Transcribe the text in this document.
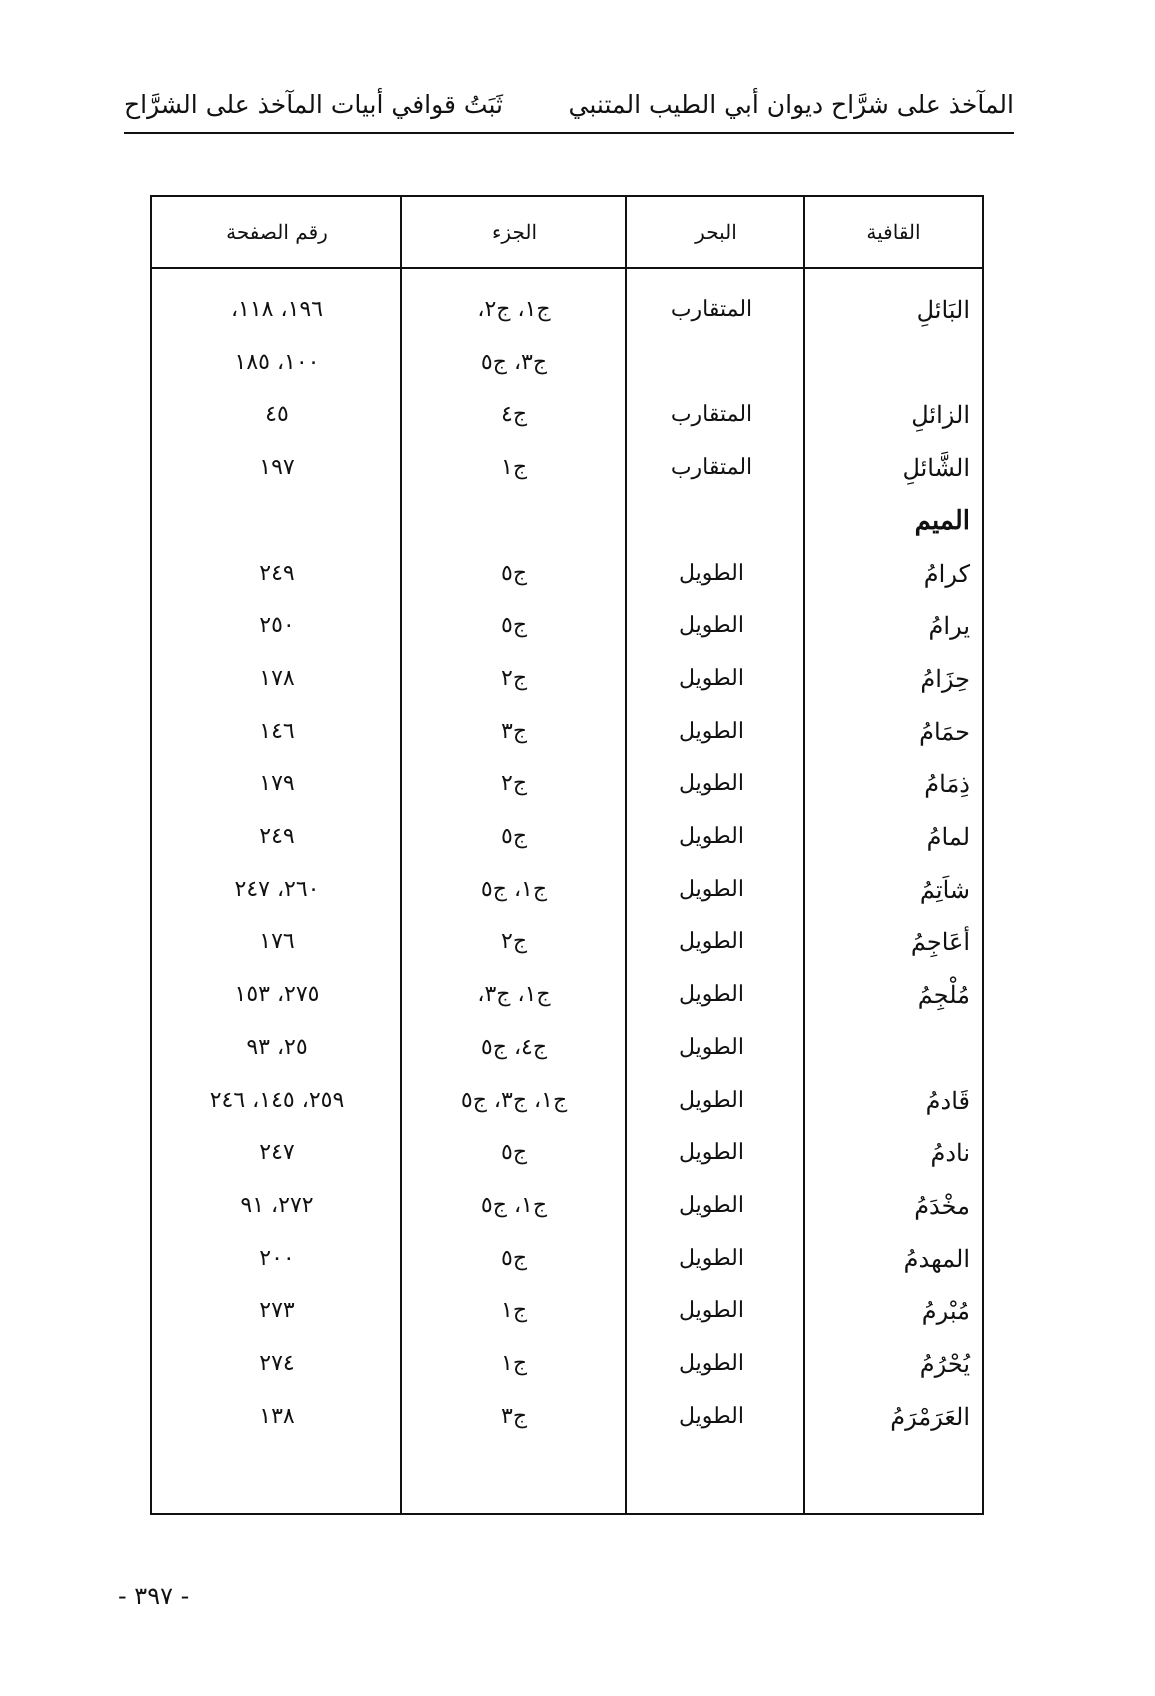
المآخذ على شرَّاح ديوان أبي الطيب المتنبي
ثَبَتُ قوافي أبيات المآخذ على الشرَّاح
القافية
البحر
الجزء
رقم الصفحة
البَائلِ
المتقارب
ج١، ج٢،
١٩٦، ١١٨،
ج٣، ج٥
١٠٠، ١٨٥
الزائلِ
المتقارب
ج٤
٤٥
الشَّائلِ
المتقارب
ج١
١٩٧
الميم
كرامُ
الطويل
ج٥
٢٤٩
يرامُ
الطويل
ج٥
٢٥٠
حِزَامُ
الطويل
ج٢
١٧٨
حمَامُ
الطويل
ج٣
١٤٦
ذِمَامُ
الطويل
ج٢
١٧٩
لمامُ
الطويل
ج٥
٢٤٩
شاَتِمُ
الطويل
ج١، ج٥
٢٦٠، ٢٤٧
أعَاجِمُ
الطويل
ج٢
١٧٦
مُلْجِمُ
الطويل
ج١، ج٣،
٢٧٥، ١٥٣
الطويل
ج٤، ج٥
٢٥، ٩٣
قَادمُ
الطويل
ج١، ج٣، ج٥
٢٥٩، ١٤٥، ٢٤٦
نادمُ
الطويل
ج٥
٢٤٧
مخْدَمُ
الطويل
ج١، ج٥
٢٧٢، ٩١
المهدمُ
الطويل
ج٥
٢٠٠
مُبْرمُ
الطويل
ج١
٢٧٣
يُحْرُمُ
الطويل
ج١
٢٧٤
العَرَمْرَمُ
الطويل
ج٣
١٣٨
- ٣٩٧ -
